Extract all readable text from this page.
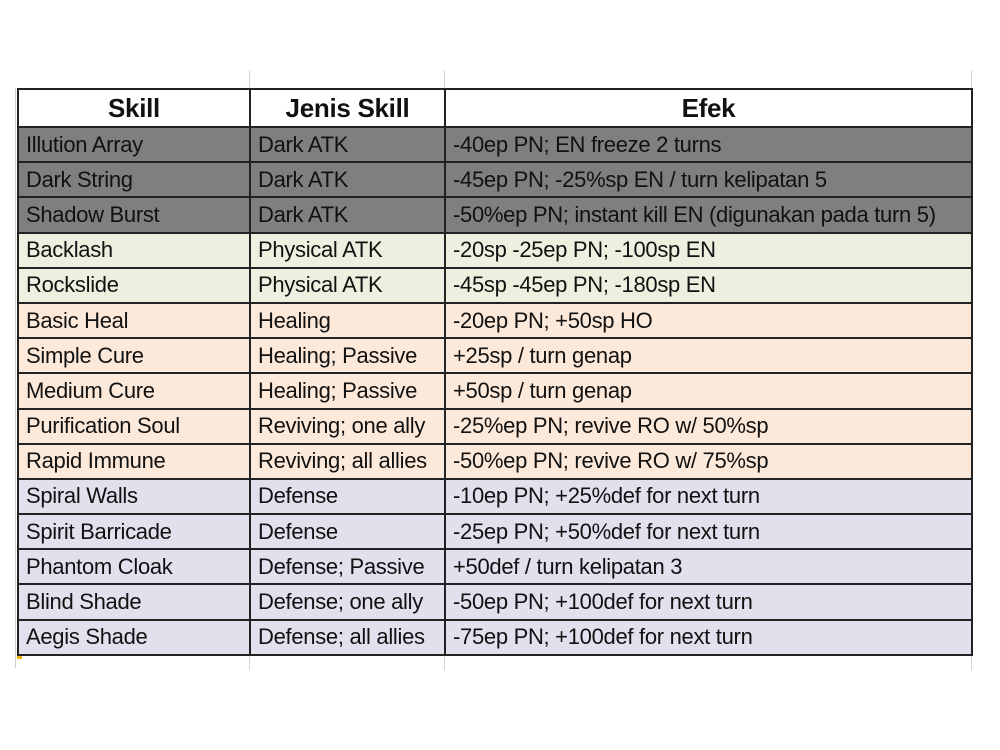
Skill	Jenis Skill	Efek
Illution Array	Dark ATK	-40ep PN; EN freeze 2 turns
Dark String	Dark ATK	-45ep PN; -25%sp EN / turn kelipatan 5
Shadow Burst	Dark ATK	-50%ep PN; instant kill EN (digunakan pada turn 5)
Backlash	Physical ATK	-20sp -25ep PN; -100sp EN
Rockslide	Physical ATK	-45sp -45ep PN; -180sp EN
Basic Heal	Healing	-20ep PN; +50sp HO
Simple Cure	Healing; Passive	+25sp / turn genap
Medium Cure	Healing; Passive	+50sp / turn genap
Purification Soul	Reviving; one ally	-25%ep PN; revive RO w/ 50%sp
Rapid Immune	Reviving; all allies	-50%ep PN; revive RO w/ 75%sp
Spiral Walls	Defense	-10ep PN; +25%def for next turn
Spirit Barricade	Defense	-25ep PN; +50%def for next turn
Phantom Cloak	Defense; Passive	+50def / turn kelipatan 3
Blind Shade	Defense; one ally	-50ep PN; +100def for next turn
Aegis Shade	Defense; all allies	-75ep PN; +100def for next turn
